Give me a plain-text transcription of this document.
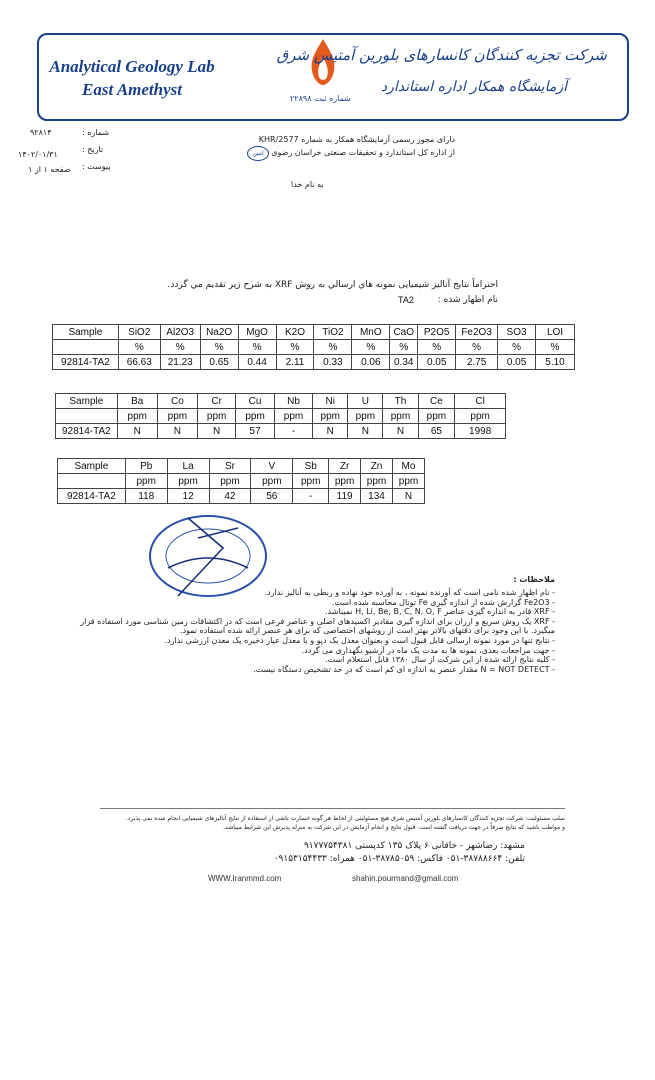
Analytical Geology Lab
East Amethyst	شماره ثبت ۲۲۸۹۸
شرکت تجزیه کنندگان کانسارهای بلورین آمتیس شرق
آزمایشگاه همکار اداره استاندارد
شماره :
تاریخ :
پیوست :
۹۲۸۱۴
۱۴۰۲/۰۱/۳۱
صفحه ۱ از ۱
دارای مجوز رسمی آزمایشگاه همکار به شماره KHR/2577
از اداره کل استاندارد و تحقیقات صنعتی خراسان رضوی
امین
به نام خدا
احتراماً نتایج آنالیز شیمیایی نمونه هاي ارسالي به روش XRF به شرح زیر تقدیم مي گردد.
نام اظهار شده :
TA2
Sample	SiO2	Al2O3	Na2O	MgO	K2O	TiO2	MnO	CaO	P2O5	Fe2O3	SO3	LOI
	%	%	%	%	%	%	%	%	%	%	%	%
92814-TA2	66.63	21.23	0.65	0.44	2.11	0.33	0.06	0.34	0.05	2.75	0.05	5.10
Sample	Ba	Co	Cr	Cu	Nb	Ni	U	Th	Ce	Cl
	ppm	ppm	ppm	ppm	ppm	ppm	ppm	ppm	ppm	ppm
92814-TA2	N	N	N	57	-	N	N	N	65	1998
Sample	Pb	La	Sr	V	Sb	Zr	Zn	Mo
	ppm	ppm	ppm	ppm	ppm	ppm	ppm	ppm
92814-TA2	118	12	42	56	-	119	134	N
ملاحظات :
- نام اظهار شده نامی است که آورنده نمونه ، به آورده خود نهاده و ربطی به آنالیز ندارد.
- Fe2O3 گزارش شده از اندازه گیری Fe توتال محاسبه شده است.
- XRF قادر به اندازه گیری عناصر H, Li, Be, B, C, N, O, F نمیباشد.
- XRF یک روش سریع و ارزان برای اندازه گیری مقادیر اکسیدهای اصلی و عناصر فرعی است که در اکتشافات زمین شناسی مورد استفاده قرار
میگیرد. با این وجود برای دقتهای بالاتر بهتر است از روشهای اختصاصی که برای هر عنصر ارائه شده استفاده نمود.
- نتایج تنها در مورد نمونه ارسالی قابل قبول است و بعنوان معدل یک دپو و یا معدل عیار ذخیره یک معدن ارزشی ندارد.
- جهت مراجعات بعدی، نمونه ها به مدت یک ماه در آرشیو نگهداری می گردد.
- کلیه نتایج ارائه شده از این شرکت از سال ۱۳۸۰ قابل استعلام است.
- N = NOT DETECT مقدار عنصر به اندازه ای کم است که در حد تشخیص دستگاه نیست.
سلب مسئولیت: شرکت تجزیه کنندگان کانسارهای بلورین آمتیس شرق هیچ مسئولیتی از لحاظ هر گونه خسارت ناشی از استفاده از نتایج آنالیزهای شیمیایی انجام شده نمی پذیرد.
و مواظب باشید که نتایج صرفاً در جهت دریافت گشته است. قبول نتایج و انجام آزمایش در این شرکت به منزله پذیرش این شرایط میباشد.
مشهد: رضاشهر - خاقانی ۶ پلاک ۱۳۵ کدپستی ۹۱۷۷۷۵۴۳۸۱
تلفن: ۳۸۷۸۸۶۶۴-۰۵۱ فاکس: ۳۸۷۸۵۰۵۹-۰۵۱ همراه: ۰۹۱۵۳۱۵۴۴۳۳
WWW.Iranmmd.com	shahin.pourmand@gmail.com
